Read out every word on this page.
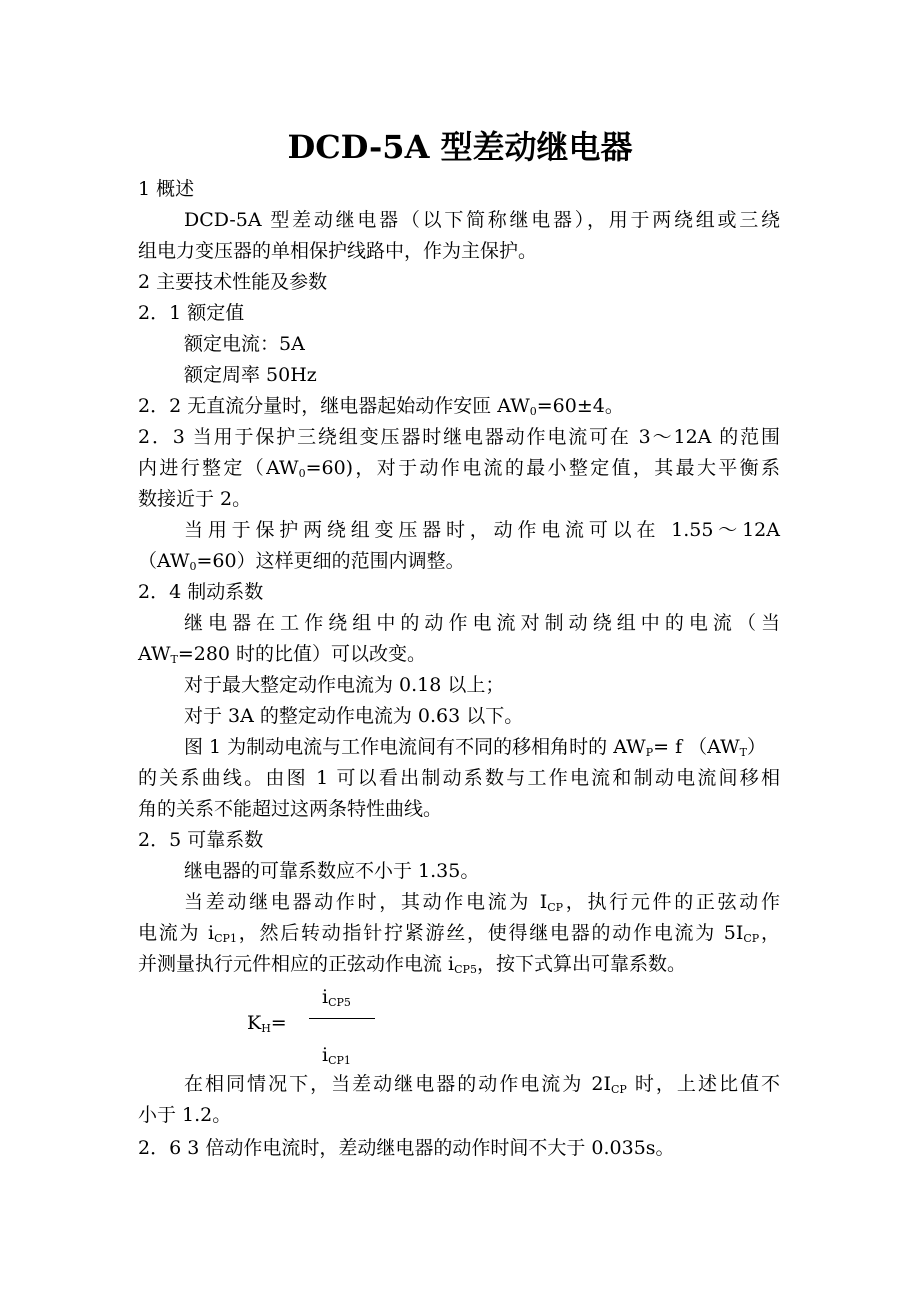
DCD-5A 型差动继电器
1 概述
DCD-5A 型差动继电器（以下简称继电器），用于两绕组或三绕
组电力变压器的单相保护线路中，作为主保护。
2 主要技术性能及参数
2．1 额定值
额定电流：5A
额定周率 50Hz
2．2 无直流分量时，继电器起始动作安匝 $AW_0=60\pm 4$。
2．3 当用于保护三绕组变压器时继电器动作电流可在 3～12A 的范围
内进行整定$(AW_0=60)$，对于动作电流的最小整定值，其最大平衡系
数接近于 2。
当用于保护两绕组变压器时，动作电流可以在 1.55～12A
$(AW_0=60)$这样更细的范围内调整。
2．4 制动系数
继电器在工作绕组中的动作电流对制动绕组中的电流（当
$AW_T=280$ 时的比值）可以改变。
对于最大整定动作电流为 0.18 以上；
对于 3A 的整定动作电流为 0.63 以下。
图 1 为制动电流与工作电流间有不同的移相角时的 $AW_P= f$ $(AW_T)$
的关系曲线。由图 1 可以看出制动系数与工作电流和制动电流间移相
角的关系不能超过这两条特性曲线。
2．5 可靠系数
继电器的可靠系数应不小于 1.35。
当差动继电器动作时，其动作电流为 $I_{CP}$，执行元件的正弦动作
电流为 $i_{CP1}$，然后转动指针拧紧游丝，使得继电器的动作电流为 $5I_{CP}$，
并测量执行元件相应的正弦动作电流 $i_{CP5}$，按下式算出可靠系数。
$i_{CP5}$
$K_H=$
$i_{CP1}$
在相同情况下，当差动继电器的动作电流为 $2I_{CP}$ 时，上述比值不
小于 1.2。
2．6 3 倍动作电流时，差动继电器的动作时间不大于 0.035s。
